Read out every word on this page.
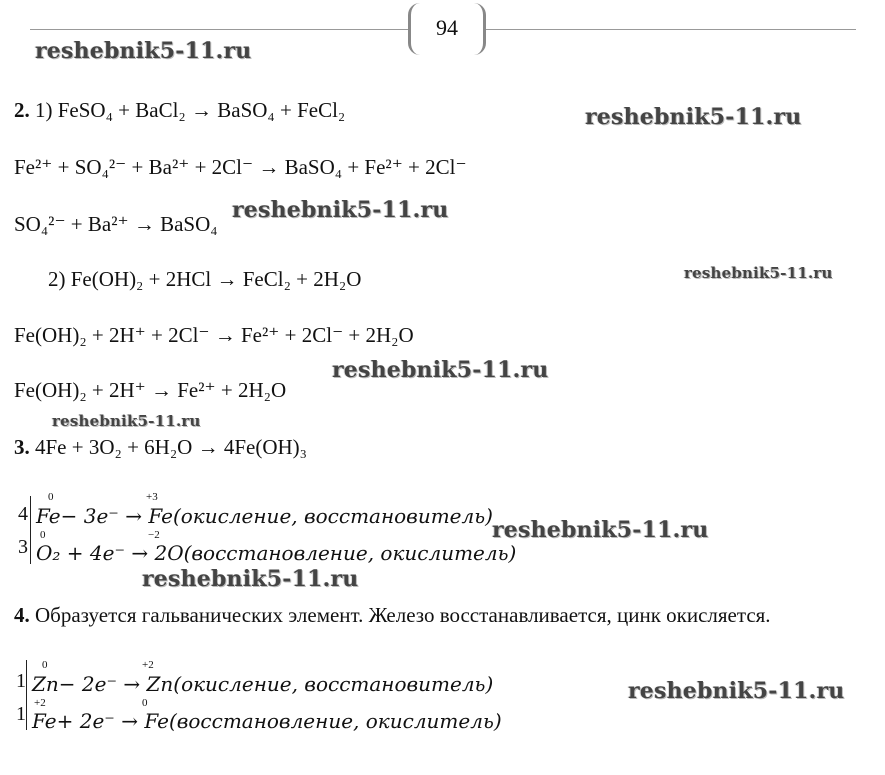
94
reshebnik5-11.ru
reshebnik5-11.ru
reshebnik5-11.ru
reshebnik5-11.ru
reshebnik5-11.ru
reshebnik5-11.ru
reshebnik5-11.ru
reshebnik5-11.ru
reshebnik5-11.ru
2. 1) FeSO₄ + BaCl₂ → BaSO₄ + FeCl₂
Fe²⁺ + SO₄²⁻ + Ba²⁺ + 2Cl⁻ → BaSO₄ + Fe²⁺ + 2Cl⁻
SO₄²⁻ + Ba²⁺ → BaSO₄
2) Fe(OH)₂ + 2HCl → FeCl₂ + 2H₂O
Fe(OH)₂ + 2H⁺ + 2Cl⁻ → Fe²⁺ + 2Cl⁻ + 2H₂O
Fe(OH)₂ + 2H⁺ → Fe²⁺ + 2H₂O
3. 4Fe + 3O₂ + 6H₂O → 4Fe(OH)₃
4
3
0	+3
Fe− 3e⁻ → Fe(окисление, восстановитель)
0	−2
O₂ + 4e⁻ → 2O(восстановление, окислитель)
4. Образуется гальванических элемент. Железо восстанавливается, цинк окисляется.
1
1
0	+2
Zn− 2e⁻ → Zn(окисление, восстановитель)
+2	0
Fe+ 2e⁻ → Fe(восстановление, окислитель)
